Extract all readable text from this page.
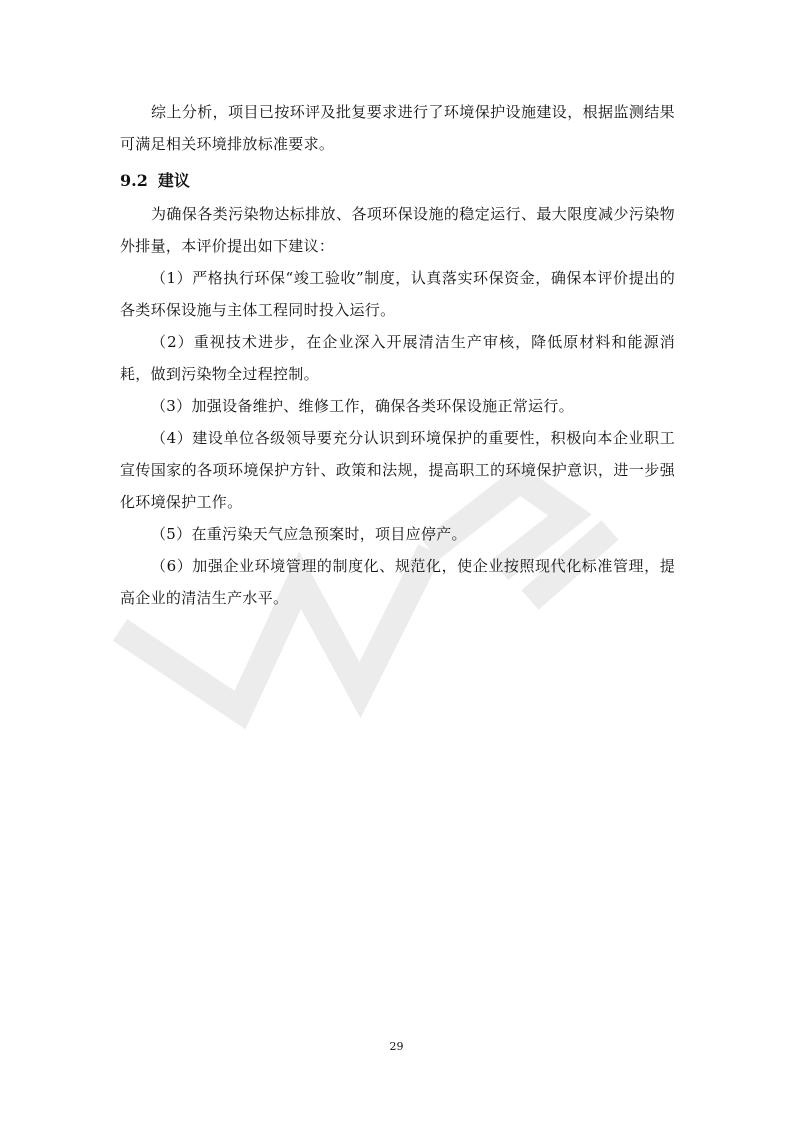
综上分析，项目已按环评及批复要求进行了环境保护设施建设，根据监测结果可满足相关环境排放标准要求。

9.2 建议

为确保各类污染物达标排放、各项环保设施的稳定运行、最大限度减少污染物外排量，本评价提出如下建议：

（1）严格执行环保“竣工验收”制度，认真落实环保资金，确保本评价提出的各类环保设施与主体工程同时投入运行。

（2）重视技术进步，在企业深入开展清洁生产审核，降低原材料和能源消耗，做到污染物全过程控制。

（3）加强设备维护、维修工作，确保各类环保设施正常运行。

（4）建设单位各级领导要充分认识到环境保护的重要性，积极向本企业职工宣传国家的各项环境保护方针、政策和法规，提高职工的环境保护意识，进一步强化环境保护工作。

（5）在重污染天气应急预案时，项目应停产。

（6）加强企业环境管理的制度化、规范化，使企业按照现代化标准管理，提高企业的清洁生产水平。

29
